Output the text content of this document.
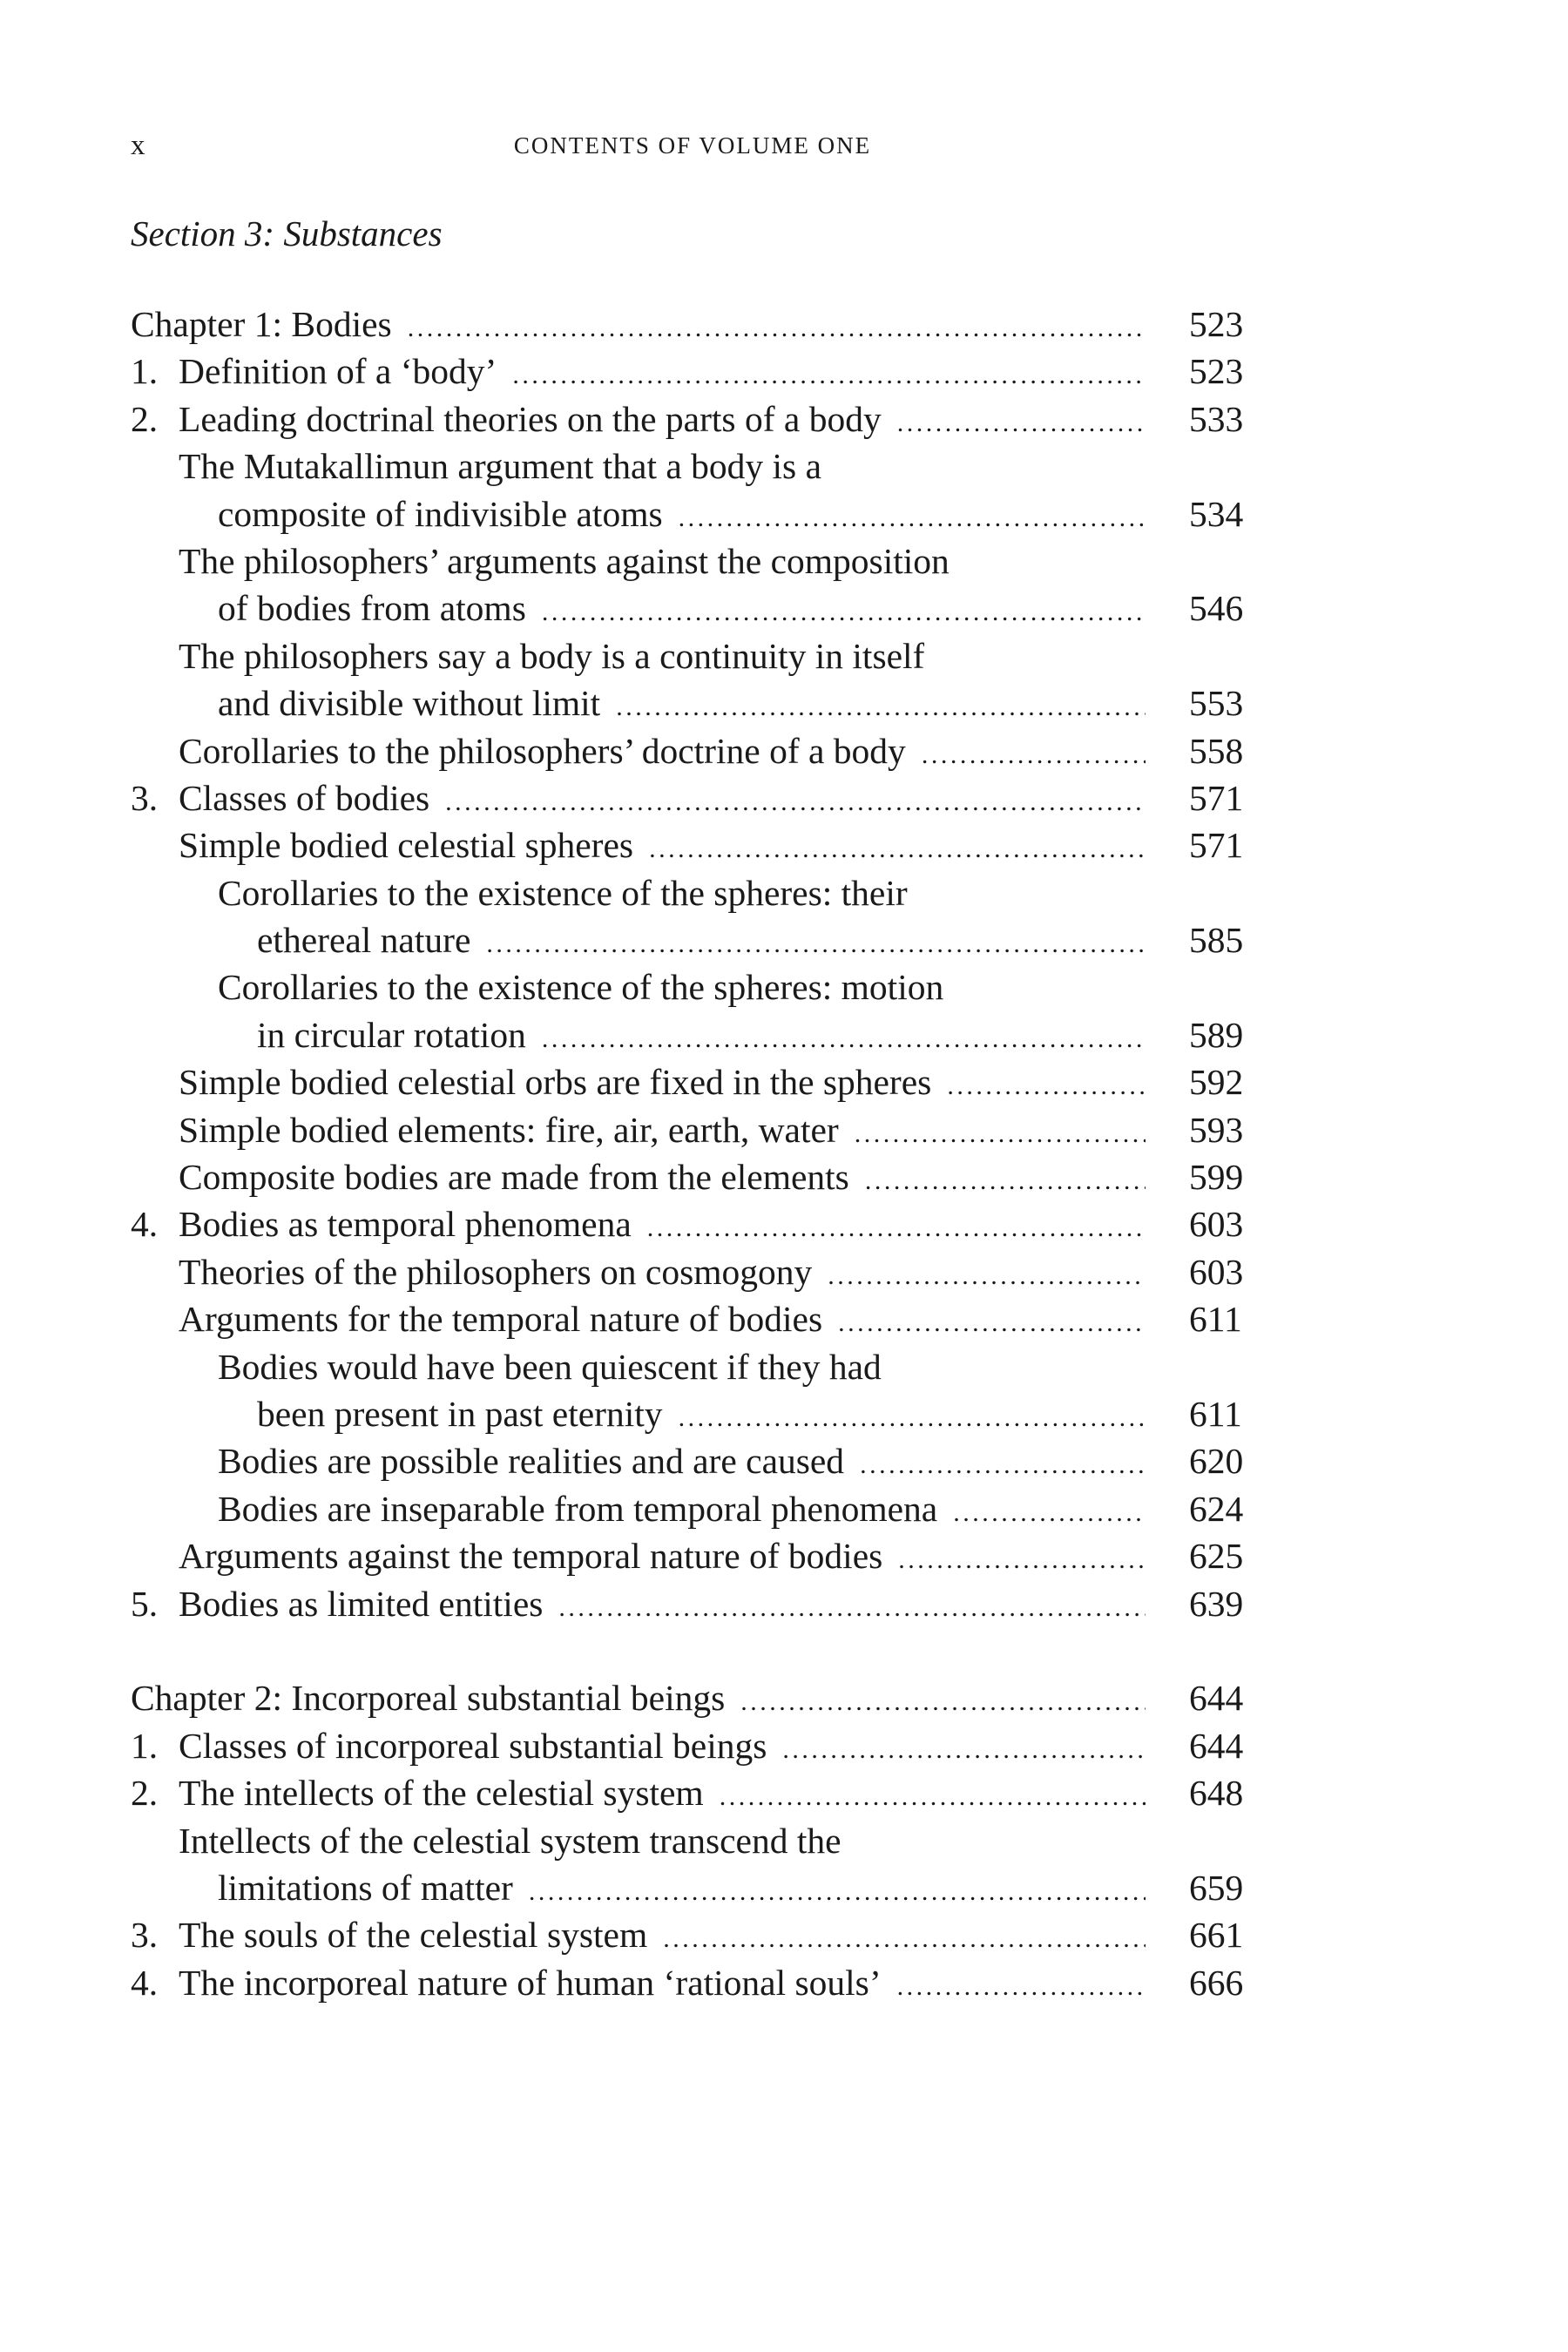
x	CONTENTS OF VOLUME ONE
Section 3: Substances
Chapter 1: Bodies . . .	523
1. Definition of a ‘body’ . . .	523
2. Leading doctrinal theories on the parts of a body . . .	533
The Mutakallimun argument that a body is a
composite of indivisible atoms . . .	534
The philosophers’ arguments against the composition
of bodies from atoms . . .	546
The philosophers say a body is a continuity in itself
and divisible without limit . . .	553
Corollaries to the philosophers’ doctrine of a body . . .	558
3. Classes of bodies . . .	571
Simple bodied celestial spheres . . .	571
Corollaries to the existence of the spheres: their
ethereal nature . . .	585
Corollaries to the existence of the spheres: motion
in circular rotation . . .	589
Simple bodied celestial orbs are fixed in the spheres . . .	592
Simple bodied elements: fire, air, earth, water . . .	593
Composite bodies are made from the elements . . .	599
4. Bodies as temporal phenomena . . .	603
Theories of the philosophers on cosmogony . . .	603
Arguments for the temporal nature of bodies . . .	611
Bodies would have been quiescent if they had
been present in past eternity . . .	611
Bodies are possible realities and are caused . . .	620
Bodies are inseparable from temporal phenomena . . .	624
Arguments against the temporal nature of bodies . . .	625
5. Bodies as limited entities . . .	639
Chapter 2: Incorporeal substantial beings . . .	644
1. Classes of incorporeal substantial beings . . .	644
2. The intellects of the celestial system . . .	648
Intellects of the celestial system transcend the
limitations of matter . . .	659
3. The souls of the celestial system . . .	661
4. The incorporeal nature of human ‘rational souls’ . . .	666
